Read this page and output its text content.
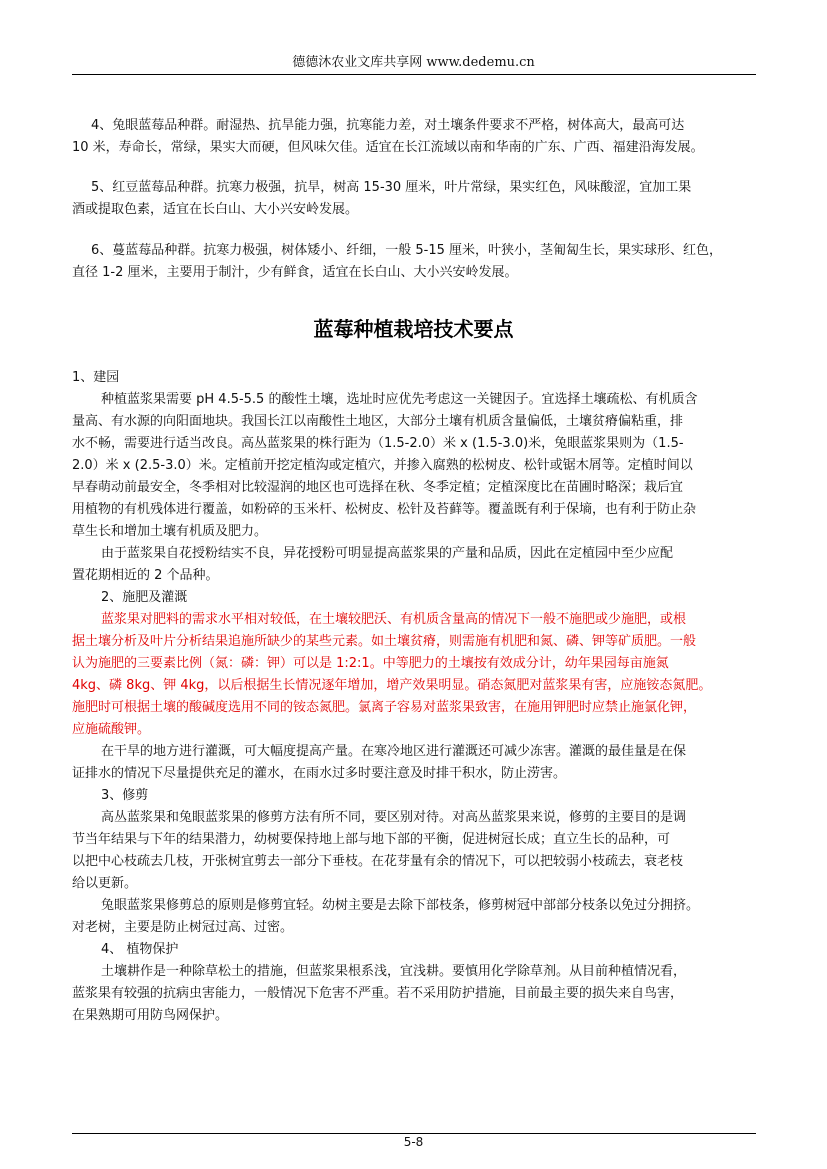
德德沐农业文库共享网 www.dedemu.cn
4、兔眼蓝莓品种群。耐湿热、抗旱能力强，抗寒能力差，对土壤条件要求不严格，树体高大，最高可达
10 米，寿命长，常绿，果实大而硬，但风味欠佳。适宜在长江流域以南和华南的广东、广西、福建沿海发展。
5、红豆蓝莓品种群。抗寒力极强，抗旱，树高 15-30 厘米，叶片常绿，果实红色，风味酸涩，宜加工果
酒或提取色素，适宜在长白山、大小兴安岭发展。
6、蔓蓝莓品种群。抗寒力极强，树体矮小、纤细，一般 5-15 厘米，叶狭小，茎匍匐生长，果实球形、红色，
直径 1-2 厘米，主要用于制汁，少有鲜食，适宜在长白山、大小兴安岭发展。
1、建园
种植蓝浆果需要 pH 4.5-5.5 的酸性土壤，选址时应优先考虑这一关键因子。宜选择土壤疏松、有机质含
量高、有水源的向阳面地块。我国长江以南酸性土地区，大部分土壤有机质含量偏低，土壤贫瘠偏粘重，排
水不畅，需要进行适当改良。高丛蓝浆果的株行距为（1.5-2.0）米 x (1.5-3.0)米，兔眼蓝浆果则为（1.5-
2.0）米 x (2.5-3.0）米。定植前开挖定植沟或定植穴，并掺入腐熟的松树皮、松针或锯木屑等。定植时间以
早春萌动前最安全，冬季相对比较湿润的地区也可选择在秋、冬季定植；定植深度比在苗圃时略深；栽后宜
用植物的有机残体进行覆盖，如粉碎的玉米杆、松树皮、松针及苔藓等。覆盖既有利于保墒，也有利于防止杂
草生长和增加土壤有机质及肥力。
由于蓝浆果自花授粉结实不良，异花授粉可明显提高蓝浆果的产量和品质，因此在定植园中至少应配
置花期相近的 2 个品种。
2、施肥及灌溉
蓝浆果对肥料的需求水平相对较低，在土壤较肥沃、有机质含量高的情况下一般不施肥或少施肥，或根
据土壤分析及叶片分析结果追施所缺少的某些元素。如土壤贫瘠，则需施有机肥和氮、磷、钾等矿质肥。一般
认为施肥的三要素比例（氮：磷：钾）可以是 1:2:1。中等肥力的土壤按有效成分计，幼年果园每亩施氮
4kg、磷 8kg、钾 4kg，以后根据生长情况逐年增加，增产效果明显。硝态氮肥对蓝浆果有害，应施铵态氮肥。
施肥时可根据土壤的酸碱度选用不同的铵态氮肥。氯离子容易对蓝浆果致害，在施用钾肥时应禁止施氯化钾，
应施硫酸钾。
在干旱的地方进行灌溉，可大幅度提高产量。在寒冷地区进行灌溉还可减少冻害。灌溉的最佳量是在保
证排水的情况下尽量提供充足的灌水，在雨水过多时要注意及时排干积水，防止涝害。
3、修剪
高丛蓝浆果和兔眼蓝浆果的修剪方法有所不同，要区别对待。对高丛蓝浆果来说，修剪的主要目的是调
节当年结果与下年的结果潜力，幼树要保持地上部与地下部的平衡，促进树冠长成；直立生长的品种，可
以把中心枝疏去几枝，开张树宜剪去一部分下垂枝。在花芽量有余的情况下，可以把较弱小枝疏去，衰老枝
给以更新。
兔眼蓝浆果修剪总的原则是修剪宜轻。幼树主要是去除下部枝条，修剪树冠中部部分枝条以免过分拥挤。
对老树，主要是防止树冠过高、过密。
4、 植物保护
土壤耕作是一种除草松土的措施，但蓝浆果根系浅，宜浅耕。要慎用化学除草剂。从目前种植情况看，
蓝浆果有较强的抗病虫害能力，一般情况下危害不严重。若不采用防护措施，目前最主要的损失来自鸟害，
在果熟期可用防鸟网保护。
蓝莓种植栽培技术要点
5-8
